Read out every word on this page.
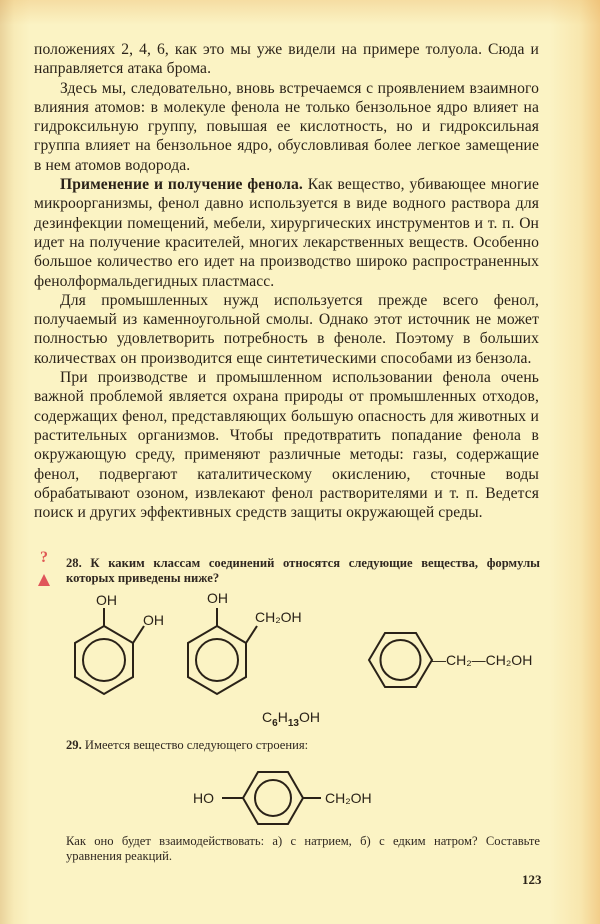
положениях 2, 4, 6, как это мы уже видели на примере толуола. Сюда и направляется атака брома.

Здесь мы, следовательно, вновь встречаемся с проявлением взаимного влияния атомов: в молекуле фенола не только бензольное ядро влияет на гидроксильную группу, повышая ее кислотность, но и гидроксильная группа влияет на бензольное ядро, обусловливая более легкое замещение в нем атомов водорода.

Применение и получение фенола. Как вещество, убивающее многие микроорганизмы, фенол давно используется в виде водного раствора для дезинфекции помещений, мебели, хирургических инструментов и т. п. Он идет на получение красителей, многих лекарственных веществ. Особенно большое количество его идет на производство широко распространенных фенолформальдегидных пластмасс.

Для промышленных нужд используется прежде всего фенол, получаемый из каменноугольной смолы. Однако этот источник не может полностью удовлетворить потребность в феноле. Поэтому в больших количествах он производится еще синтетическими способами из бензола.

При производстве и промышленном использовании фенола очень важной проблемой является охрана природы от промышленных отходов, содержащих фенол, представляющих большую опасность для животных и растительных организмов. Чтобы предотвратить попадание фенола в окружающую среду, применяют различные методы: газы, содержащие фенол, подвергают каталитическому окислению, сточные воды обрабатывают озоном, извлекают фенол растворителями и т. п. Ведется поиск и других эффективных средств защиты окружающей среды.

?	28. К каким классам соединений относятся следующие вещества, формулы которых приведены ниже?
OH
OH
OH
CH₂OH
—CH₂—CH₂OH
$C_6H_{13}OH$
29. Имеется вещество следующего строения:
HO	CH₂OH
Как оно будет взаимодействовать: а) с натрием, б) с едким натром? Составьте уравнения реакций.
123
